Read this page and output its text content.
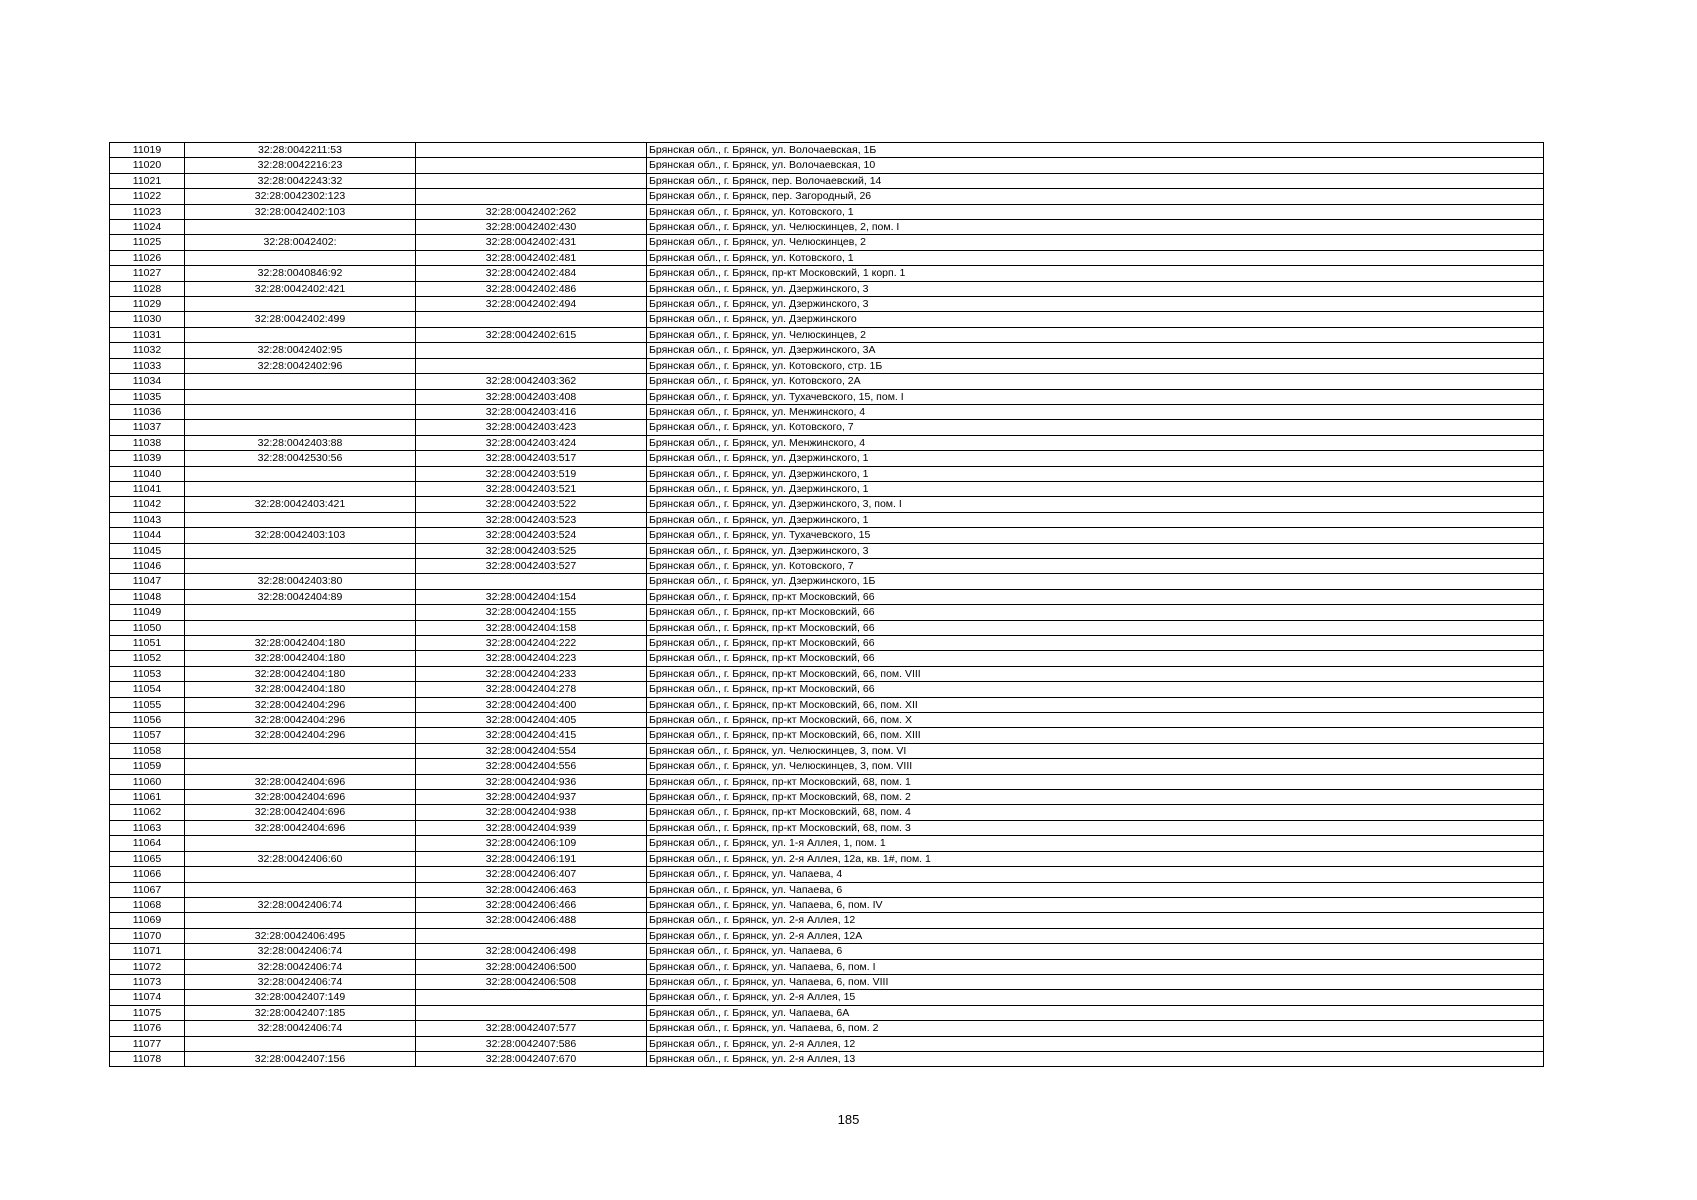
11019	32:28:0042211:53		Брянская обл., г. Брянск, ул. Волочаевская, 1Б
11020	32:28:0042216:23		Брянская обл., г. Брянск, ул. Волочаевская, 10
11021	32:28:0042243:32		Брянская обл., г. Брянск, пер. Волочаевский, 14
11022	32:28:0042302:123		Брянская обл., г. Брянск, пер. Загородный, 26
11023	32:28:0042402:103	32:28:0042402:262	Брянская обл., г. Брянск, ул. Котовского, 1
11024		32:28:0042402:430	Брянская обл., г. Брянск, ул. Челюскинцев, 2, пом. I
11025	32:28:0042402:	32:28:0042402:431	Брянская обл., г. Брянск, ул. Челюскинцев, 2
11026		32:28:0042402:481	Брянская обл., г. Брянск, ул. Котовского, 1
11027	32:28:0040846:92	32:28:0042402:484	Брянская обл., г. Брянск, пр-кт Московский, 1 корп. 1
11028	32:28:0042402:421	32:28:0042402:486	Брянская обл., г. Брянск, ул. Дзержинского, 3
11029		32:28:0042402:494	Брянская обл., г. Брянск, ул. Дзержинского, 3
11030	32:28:0042402:499		Брянская обл., г. Брянск, ул. Дзержинского
11031		32:28:0042402:615	Брянская обл., г. Брянск, ул. Челюскинцев, 2
11032	32:28:0042402:95		Брянская обл., г. Брянск, ул. Дзержинского, 3А
11033	32:28:0042402:96		Брянская обл., г. Брянск, ул. Котовского, стр. 1Б
11034		32:28:0042403:362	Брянская обл., г. Брянск, ул. Котовского, 2А
11035		32:28:0042403:408	Брянская обл., г. Брянск, ул. Тухачевского, 15, пом. I
11036		32:28:0042403:416	Брянская обл., г. Брянск, ул. Менжинского, 4
11037		32:28:0042403:423	Брянская обл., г. Брянск, ул. Котовского, 7
11038	32:28:0042403:88	32:28:0042403:424	Брянская обл., г. Брянск, ул. Менжинского, 4
11039	32:28:0042530:56	32:28:0042403:517	Брянская обл., г. Брянск, ул. Дзержинского, 1
11040		32:28:0042403:519	Брянская обл., г. Брянск, ул. Дзержинского, 1
11041		32:28:0042403:521	Брянская обл., г. Брянск, ул. Дзержинского, 1
11042	32:28:0042403:421	32:28:0042403:522	Брянская обл., г. Брянск, ул. Дзержинского, 3, пом. I
11043		32:28:0042403:523	Брянская обл., г. Брянск, ул. Дзержинского, 1
11044	32:28:0042403:103	32:28:0042403:524	Брянская обл., г. Брянск, ул. Тухачевского, 15
11045		32:28:0042403:525	Брянская обл., г. Брянск, ул. Дзержинского, 3
11046		32:28:0042403:527	Брянская обл., г. Брянск, ул. Котовского, 7
11047	32:28:0042403:80		Брянская обл., г. Брянск, ул. Дзержинского, 1Б
11048	32:28:0042404:89	32:28:0042404:154	Брянская обл., г. Брянск, пр-кт Московский, 66
11049		32:28:0042404:155	Брянская обл., г. Брянск, пр-кт Московский, 66
11050		32:28:0042404:158	Брянская обл., г. Брянск, пр-кт Московский, 66
11051	32:28:0042404:180	32:28:0042404:222	Брянская обл., г. Брянск, пр-кт Московский, 66
11052	32:28:0042404:180	32:28:0042404:223	Брянская обл., г. Брянск, пр-кт Московский, 66
11053	32:28:0042404:180	32:28:0042404:233	Брянская обл., г. Брянск, пр-кт Московский, 66, пом. VIII
11054	32:28:0042404:180	32:28:0042404:278	Брянская обл., г. Брянск, пр-кт Московский, 66
11055	32:28:0042404:296	32:28:0042404:400	Брянская обл., г. Брянск, пр-кт Московский, 66, пом. XII
11056	32:28:0042404:296	32:28:0042404:405	Брянская обл., г. Брянск, пр-кт Московский, 66, пом. X
11057	32:28:0042404:296	32:28:0042404:415	Брянская обл., г. Брянск, пр-кт Московский, 66, пом. XIII
11058		32:28:0042404:554	Брянская обл., г. Брянск, ул. Челюскинцев, 3, пом. VI
11059		32:28:0042404:556	Брянская обл., г. Брянск, ул. Челюскинцев, 3, пом. VIII
11060	32:28:0042404:696	32:28:0042404:936	Брянская обл., г. Брянск, пр-кт Московский, 68, пом. 1
11061	32:28:0042404:696	32:28:0042404:937	Брянская обл., г. Брянск, пр-кт Московский, 68, пом. 2
11062	32:28:0042404:696	32:28:0042404:938	Брянская обл., г. Брянск, пр-кт Московский, 68, пом. 4
11063	32:28:0042404:696	32:28:0042404:939	Брянская обл., г. Брянск, пр-кт Московский, 68, пом. 3
11064		32:28:0042406:109	Брянская обл., г. Брянск, ул. 1-я Аллея, 1, пом. 1
11065	32:28:0042406:60	32:28:0042406:191	Брянская обл., г. Брянск, ул. 2-я Аллея, 12а, кв. 1#, пом. 1
11066		32:28:0042406:407	Брянская обл., г. Брянск, ул. Чапаева, 4
11067		32:28:0042406:463	Брянская обл., г. Брянск, ул. Чапаева, 6
11068	32:28:0042406:74	32:28:0042406:466	Брянская обл., г. Брянск, ул. Чапаева, 6, пом. IV
11069		32:28:0042406:488	Брянская обл., г. Брянск, ул. 2-я Аллея, 12
11070	32:28:0042406:495		Брянская обл., г. Брянск, ул. 2-я Аллея, 12А
11071	32:28:0042406:74	32:28:0042406:498	Брянская обл., г. Брянск, ул. Чапаева, 6
11072	32:28:0042406:74	32:28:0042406:500	Брянская обл., г. Брянск, ул. Чапаева, 6, пом. I
11073	32:28:0042406:74	32:28:0042406:508	Брянская обл., г. Брянск, ул. Чапаева, 6, пом. VIII
11074	32:28:0042407:149		Брянская обл., г. Брянск, ул. 2-я Аллея, 15
11075	32:28:0042407:185		Брянская обл., г. Брянск, ул. Чапаева, 6А
11076	32:28:0042406:74	32:28:0042407:577	Брянская обл., г. Брянск, ул. Чапаева, 6, пом. 2
11077		32:28:0042407:586	Брянская обл., г. Брянск, ул. 2-я Аллея, 12
11078	32:28:0042407:156	32:28:0042407:670	Брянская обл., г. Брянск, ул. 2-я Аллея, 13
185
